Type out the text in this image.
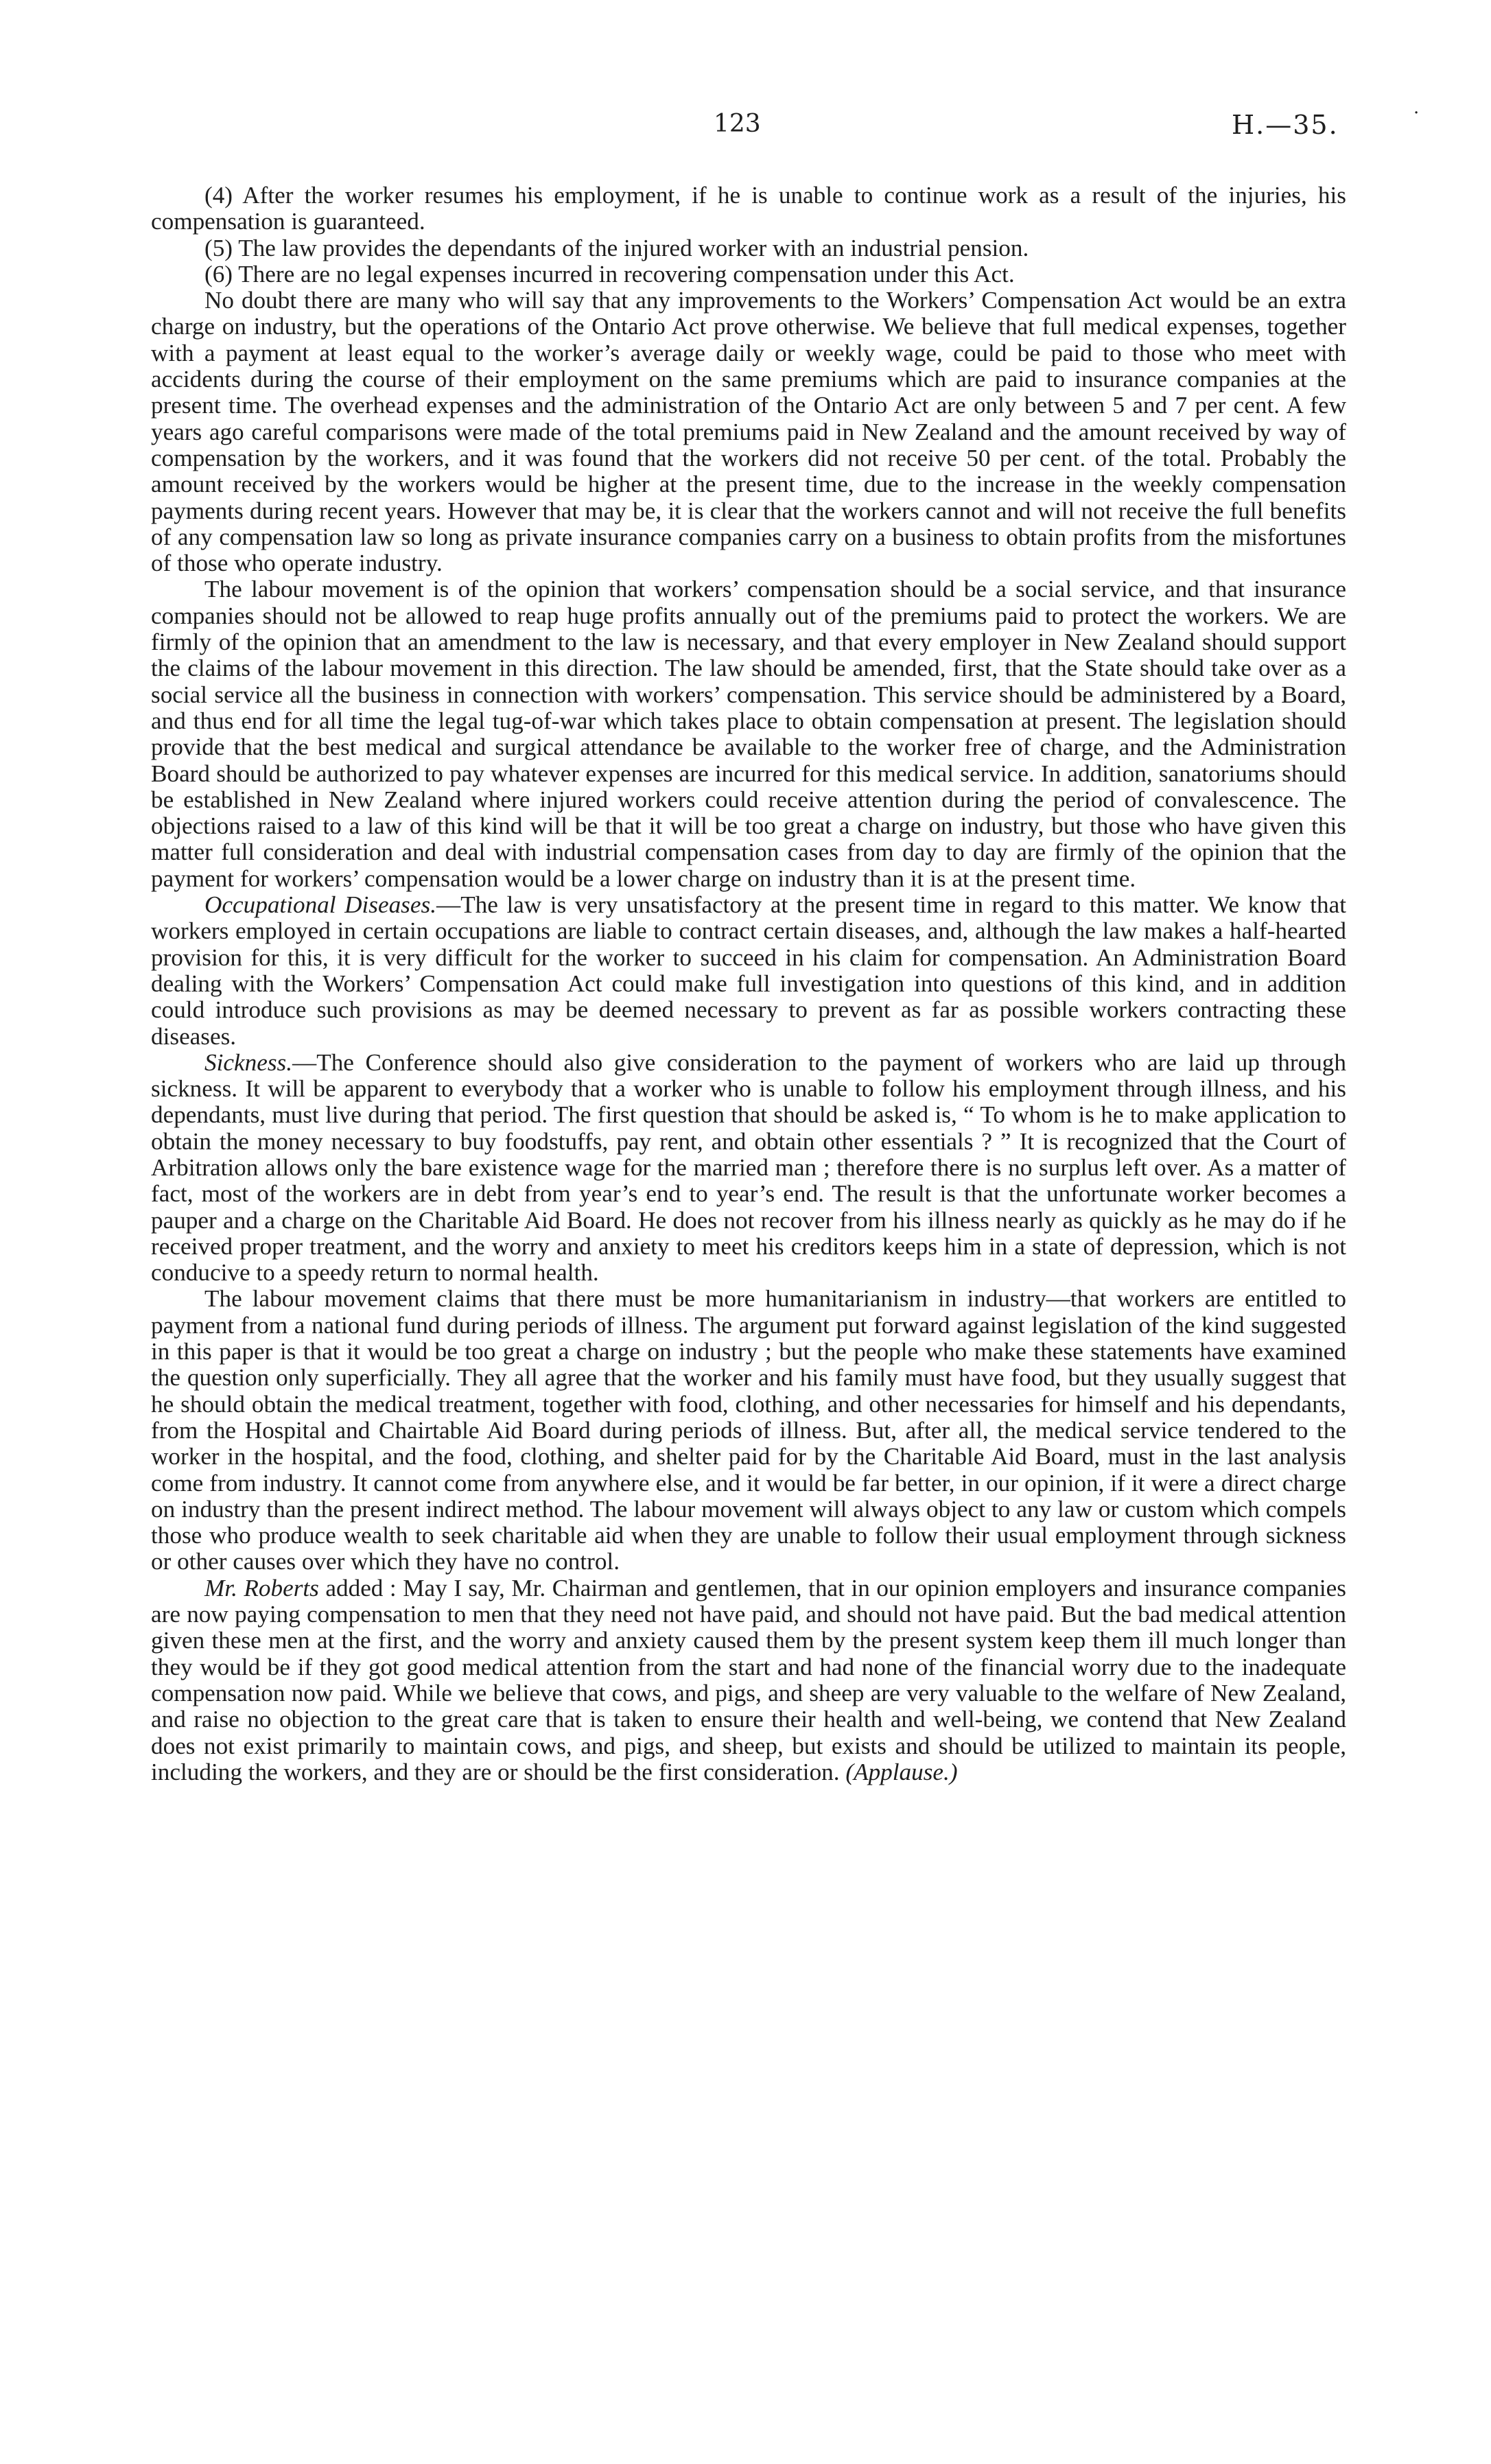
123	H.—35.	·

(4) After the worker resumes his employment, if he is unable to continue work as a result of the injuries, his compensation is guaranteed.

(5) The law provides the dependants of the injured worker with an industrial pension.

(6) There are no legal expenses incurred in recovering compensation under this Act.

No doubt there are many who will say that any improvements to the Workers’ Compensation Act would be an extra charge on industry, but the operations of the Ontario Act prove otherwise. We believe that full medical expenses, together with a payment at least equal to the worker’s average daily or weekly wage, could be paid to those who meet with accidents during the course of their employment on the same premiums which are paid to insurance companies at the present time. The overhead expenses and the administration of the Ontario Act are only between 5 and 7 per cent. A few years ago careful comparisons were made of the total premiums paid in New Zealand and the amount received by way of compensation by the workers, and it was found that the workers did not receive 50 per cent. of the total. Probably the amount received by the workers would be higher at the present time, due to the increase in the weekly compensation payments during recent years. However that may be, it is clear that the workers cannot and will not receive the full benefits of any compensation law so long as private insurance companies carry on a business to obtain profits from the misfortunes of those who operate industry.

The labour movement is of the opinion that workers’ compensation should be a social service, and that insurance companies should not be allowed to reap huge profits annually out of the premiums paid to protect the workers. We are firmly of the opinion that an amendment to the law is necessary, and that every employer in New Zealand should support the claims of the labour movement in this direction. The law should be amended, first, that the State should take over as a social service all the business in connection with workers’ compensation. This service should be administered by a Board, and thus end for all time the legal tug-of-war which takes place to obtain compensation at present. The legislation should provide that the best medical and surgical attendance be available to the worker free of charge, and the Administration Board should be authorized to pay whatever expenses are incurred for this medical service. In addition, sanatoriums should be established in New Zealand where injured workers could receive attention during the period of convalescence. The objections raised to a law of this kind will be that it will be too great a charge on industry, but those who have given this matter full consideration and deal with industrial compensation cases from day to day are firmly of the opinion that the payment for workers’ compensation would be a lower charge on industry than it is at the present time.

Occupational Diseases.—The law is very unsatisfactory at the present time in regard to this matter. We know that workers employed in certain occupations are liable to contract certain diseases, and, although the law makes a half-hearted provision for this, it is very difficult for the worker to succeed in his claim for compensation. An Administration Board dealing with the Workers’ Compensation Act could make full investigation into questions of this kind, and in addition could introduce such provisions as may be deemed necessary to prevent as far as possible workers contracting these diseases.

Sickness.—The Conference should also give consideration to the payment of workers who are laid up through sickness. It will be apparent to everybody that a worker who is unable to follow his employment through illness, and his dependants, must live during that period. The first question that should be asked is, “ To whom is he to make application to obtain the money necessary to buy foodstuffs, pay rent, and obtain other essentials ? ” It is recognized that the Court of Arbitration allows only the bare existence wage for the married man ; therefore there is no surplus left over. As a matter of fact, most of the workers are in debt from year’s end to year’s end. The result is that the unfortunate worker becomes a pauper and a charge on the Charitable Aid Board. He does not recover from his illness nearly as quickly as he may do if he received proper treatment, and the worry and anxiety to meet his creditors keeps him in a state of depression, which is not conducive to a speedy return to normal health.

The labour movement claims that there must be more humanitarianism in industry—that workers are entitled to payment from a national fund during periods of illness. The argument put forward against legislation of the kind suggested in this paper is that it would be too great a charge on industry ; but the people who make these statements have examined the question only superficially. They all agree that the worker and his family must have food, but they usually suggest that he should obtain the medical treatment, together with food, clothing, and other necessaries for himself and his dependants, from the Hospital and Chairtable Aid Board during periods of illness. But, after all, the medical service tendered to the worker in the hospital, and the food, clothing, and shelter paid for by the Charitable Aid Board, must in the last analysis come from industry. It cannot come from anywhere else, and it would be far better, in our opinion, if it were a direct charge on industry than the present indirect method. The labour movement will always object to any law or custom which compels those who produce wealth to seek charitable aid when they are unable to follow their usual employment through sickness or other causes over which they have no control.

Mr. Roberts added : May I say, Mr. Chairman and gentlemen, that in our opinion employers and insurance companies are now paying compensation to men that they need not have paid, and should not have paid. But the bad medical attention given these men at the first, and the worry and anxiety caused them by the present system keep them ill much longer than they would be if they got good medical attention from the start and had none of the financial worry due to the inadequate compensation now paid. While we believe that cows, and pigs, and sheep are very valuable to the welfare of New Zealand, and raise no objection to the great care that is taken to ensure their health and well-being, we contend that New Zealand does not exist primarily to maintain cows, and pigs, and sheep, but exists and should be utilized to maintain its people, including the workers, and they are or should be the first consideration. (Applause.)
